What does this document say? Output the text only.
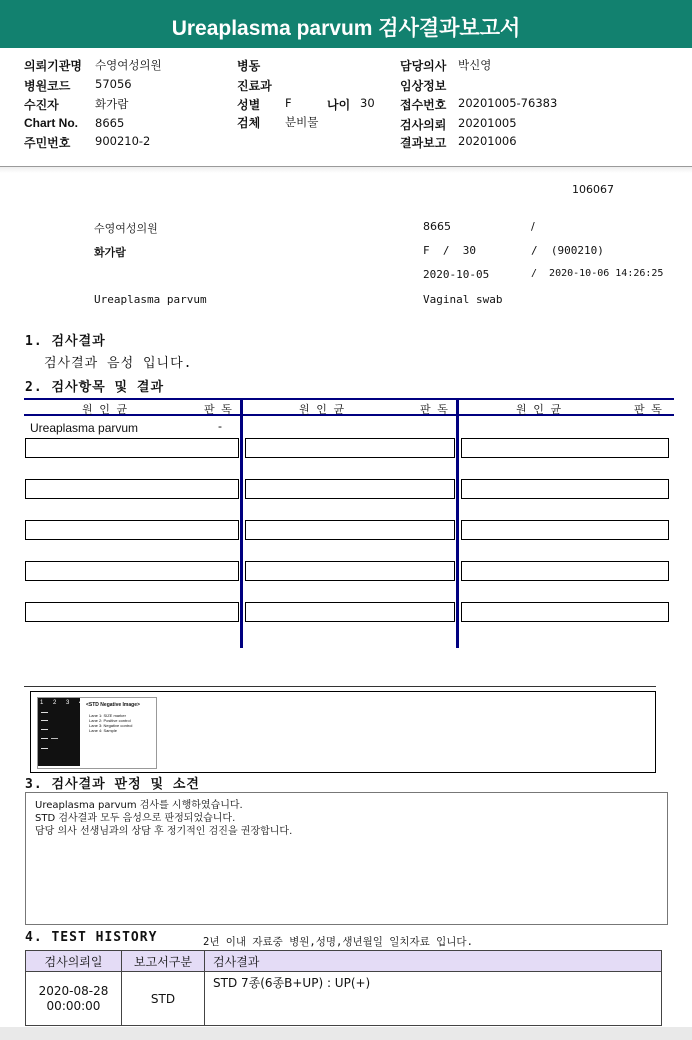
Ureaplasma parvum 검사결과보고서
의뢰기관명 수영여성의원
병원코드 57056
수진자	화가람
Chart No. 8665
주민번호 900210-2
병동
진료과
성별 F	나이 30
검체 분비물
담당의사 박신영
임상정보
접수번호 20201005-76383
검사의뢰 20201005
결과보고 20201006
106067
수영여성의원	8665	/
화가람	F  /  30	/  (900210)
2020-10-05	/  2020-10-06 14:26:25
Ureaplasma parvum	Vaginal swab
1. 검사결과
검사결과 음성 입니다.
2. 검사항목 및 결과
원 인 균	판 독	원 인 균	판 독	원 인 균	판 독
Ureaplasma parvum	-
1 2 3 4 <STD Negative Image>
Lane 1: SIZE marker
Lane 2: Positive control
Lane 3: Negative control
Lane 4: Sample
3. 검사결과 판정 및 소견
Ureaplasma parvum 검사를 시행하였습니다.
STD 검사결과 모두 음성으로 판정되었습니다.
담당 의사 선생님과의 상담 후 정기적인 검진을 권장합니다.
4. TEST HISTORY	2년 이내 자료중 병원,성명,생년월일 일치자료 입니다.
검사의뢰일	보고서구분	검사결과

2020-08-28
00:00:00	STD	STD 7종(6종B+UP) : UP(+)
